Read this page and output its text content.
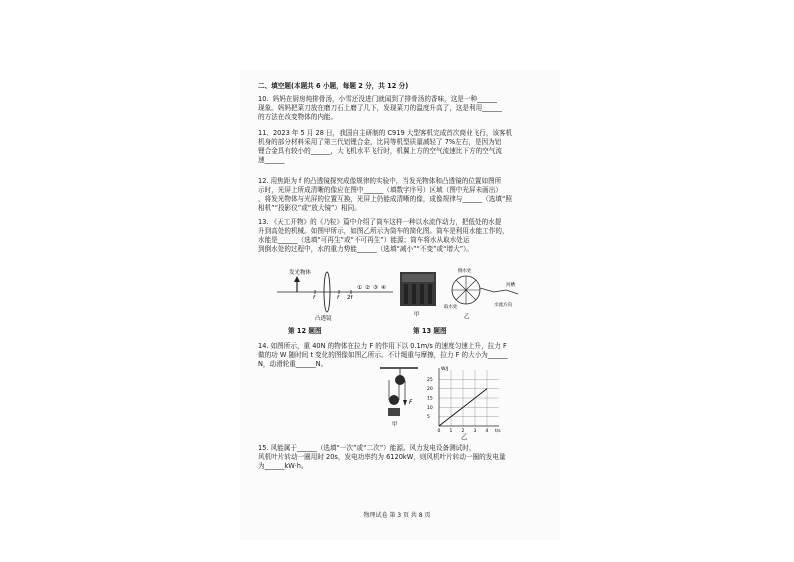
二、填空题(本题共 6 小题，每题 2 分，共 12 分)
10.  妈妈在厨房炖排骨汤，小雪还没进门就闻到了排骨汤的香味，这是一种______
现象。妈妈把菜刀放在磨刀石上磨了几下，发现菜刀的温度升高了，这是利用______
的方法在改变物体的内能。
11、2023 年 5 月 28 日，我国自主研制的 C919 大型客机完成首次商业飞行，该客机
机身的部分材料采用了第三代铝锂合金，比同等机型质量减轻了 7%左右，是因为铝
锂合金具有较小的______，大飞机水平飞行时，机翼上方的空气流速比下方的空气流
速______
12. 用焦距为 f 的凸透镜探究成像规律的实验中，当发光物体和凸透镜的位置如图所
示时，光屏上所成清晰的像应在图中______（填数字序号）区域（图中光屏未画出）
，将发光物体与光屏的位置互换，光屏上仍能成清晰的像，成像规律与______（选填“照
相机”“投影仪”或“放大镜”）相同。
13. 《天工开物》的《乃粒》篇中介绍了筒车这样一种以水流作动力，把低处的水提
升到高处的机械。如图甲所示，如图乙所示为筒车的简化图。筒车是利用水能工作的，
水能是______（选填“可再生”或“不可再生”）能源；筒车将水从取水处运
到倒水处的过程中，水的重力势能______（选填“减小”“不变”或“增大”）。
发光物体
f	f 2f
① ② ③ ④
凸透镜
第 12 题图
甲
倒水处
取水处	水流方向
河槽
乙
第 13 题图
14. 如图所示，重 40N 的物体在拉力 F 的作用下以 0.1m/s 的速度匀速上升，拉力 F
做的功 W 随时间 t 变化的图像如图乙所示。不计绳重与摩擦，拉力 F 的大小为______
N，动滑轮重______N。
F
甲
W/J
t/s
0 1 2 3 4
5
10
15
20
25
乙
15. 风能属于______（选填“一次”或“二次”）能源。风力发电设备测试时，
风机叶片转动一圈用时 20s，发电功率约为 6120kW，则风机叶片转动一圈的发电量
为______kW·h。
物理试卷 第 3 页 共 8 页
